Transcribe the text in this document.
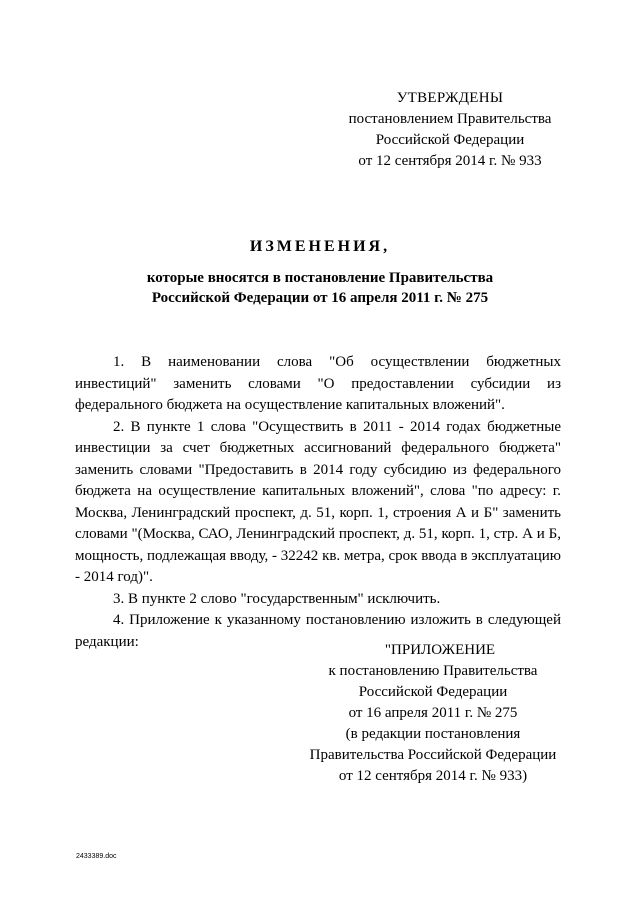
УТВЕРЖДЕНЫ
постановлением Правительства
Российской Федерации
от 12 сентября 2014 г. № 933
ИЗМЕНЕНИЯ,
которые вносятся в постановление Правительства
Российской Федерации от 16 апреля 2011 г. № 275

1. В наименовании слова "Об осуществлении бюджетных инвестиций" заменить словами "О предоставлении субсидии из федерального бюджета на осуществление капитальных вложений".

2. В пункте 1 слова "Осуществить в 2011 - 2014 годах бюджетные инвестиции за счет бюджетных ассигнований федерального бюджета" заменить словами "Предоставить в 2014 году субсидию из федерального бюджета на осуществление капитальных вложений", слова "по адресу: г. Москва, Ленинградский проспект, д. 51, корп. 1, строения А и Б" заменить словами "(Москва, САО, Ленинградский проспект, д. 51, корп. 1, стр. А и Б, мощность, подлежащая вводу, - 32242 кв. метра, срок ввода в эксплуатацию - 2014 год)".

3. В пункте 2 слово "государственным" исключить.

4. Приложение к указанному постановлению изложить в следующей редакции:

"ПРИЛОЖЕНИЕ
к постановлению Правительства
Российской Федерации
от 16 апреля 2011 г. № 275
(в редакции постановления
Правительства Российской Федерации
от 12 сентября 2014 г. № 933)
2433389.doc
